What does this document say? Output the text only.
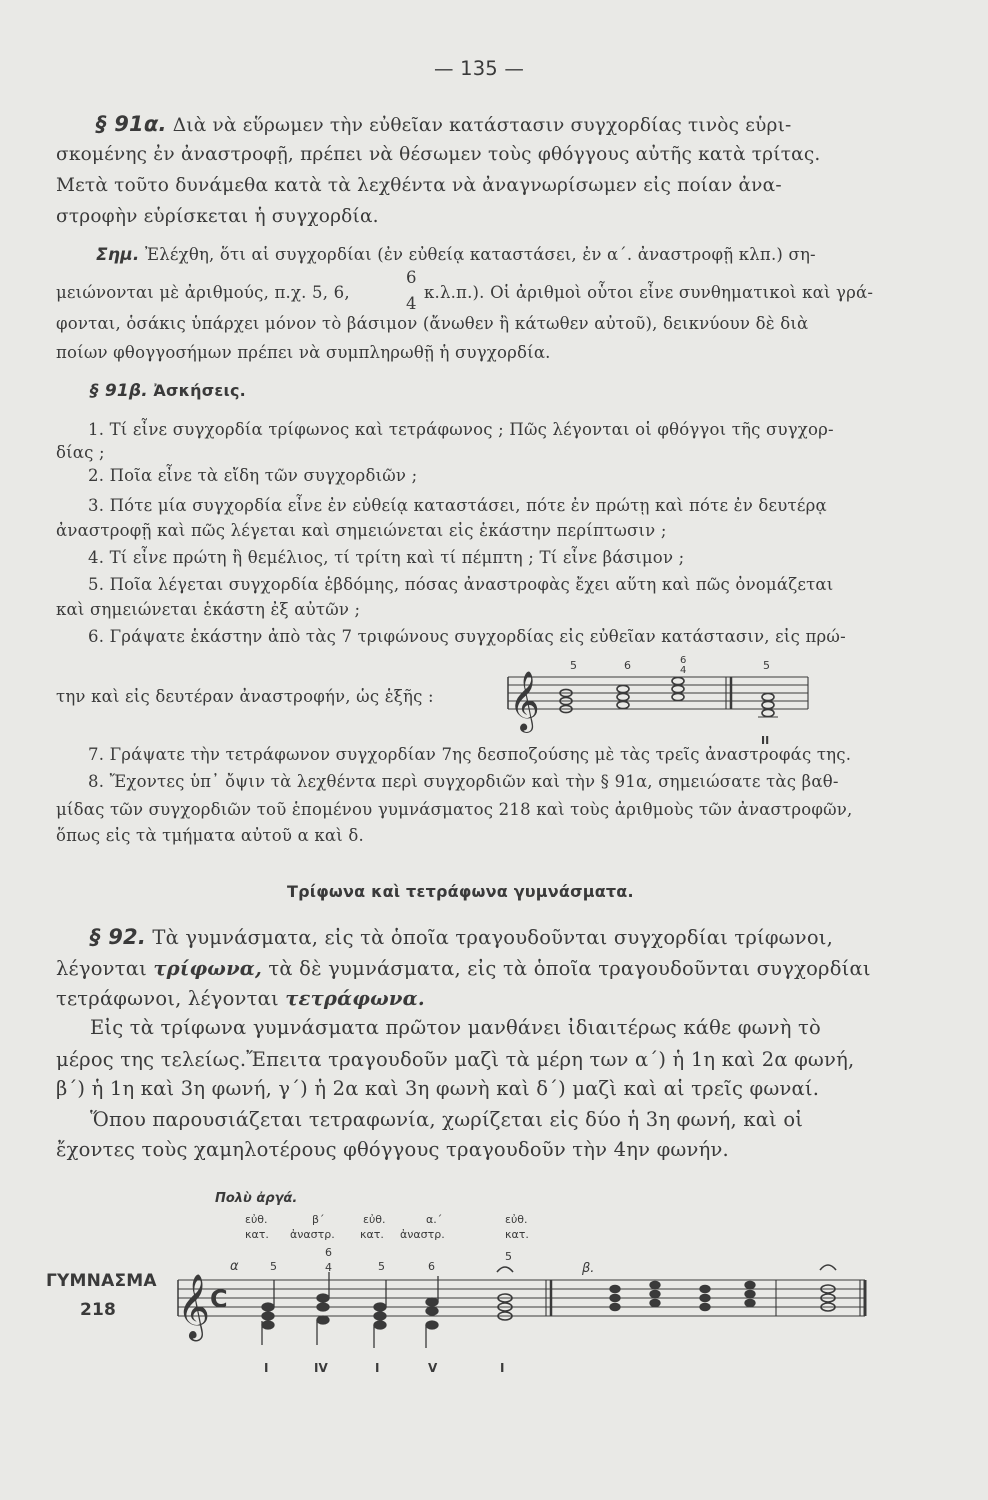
— 135 —
§ 91α. Διὰ νὰ εὕρωμεν τὴν εὐθεῖαν κατάστασιν συγχορδίας τινὸς εὑρι-
σκομένης ἐν ἀναστροφῇ, πρέπει νὰ θέσωμεν τοὺς φθόγγους αὐτῆς κατὰ τρίτας.
Μετὰ τοῦτο δυνάμεθα κατὰ τὰ λεχθέντα νὰ ἀναγνωρίσωμεν εἰς ποίαν ἀνα-
στροφὴν εὑρίσκεται ἡ συγχορδία.
Σημ. Ἐλέχθη, ὅτι αἱ συγχορδίαι (ἐν εὐθείᾳ καταστάσει, ἐν α΄. ἀναστροφῇ κλπ.) ση-
μειώνονται μὲ ἀριθμούς, π.χ. 5, 6,
6
4
κ.λ.π.). Οἱ ἀριθμοὶ οὗτοι εἶνε συνθηματικοὶ καὶ γρά-
φονται, ὁσάκις ὑπάρχει μόνον τὸ βάσιμον (ἄνωθεν ἢ κάτωθεν αὐτοῦ), δεικνύουν δὲ διὰ
ποίων φθογγοσήμων πρέπει νὰ συμπληρωθῇ ἡ συγχορδία.
§ 91β. Ἀσκήσεις.
1. Τί εἶνε συγχορδία τρίφωνος καὶ τετράφωνος ; Πῶς λέγονται οἱ φθόγγοι τῆς συγχορ-
δίας ;
2. Ποῖα εἶνε τὰ εἴδη τῶν συγχορδιῶν ;
3. Πότε μία συγχορδία εἶνε ἐν εὐθείᾳ καταστάσει, πότε ἐν πρώτῃ καὶ πότε ἐν δευτέρᾳ
ἀναστροφῇ καὶ πῶς λέγεται καὶ σημειώνεται εἰς ἑκάστην περίπτωσιν ;
4. Τί εἶνε πρώτη ἢ θεμέλιος, τί τρίτη καὶ τί πέμπτη ; Τί εἶνε βάσιμον ;
5. Ποῖα λέγεται συγχορδία ἑβδόμης, πόσας ἀναστροφὰς ἔχει αὕτη καὶ πῶς ὀνομάζεται
καὶ σημειώνεται ἑκάστη ἐξ αὐτῶν ;
6. Γράψατε ἑκάστην ἀπὸ τὰς 7 τριφώνους συγχορδίας εἰς εὐθεῖαν κατάστασιν, εἰς πρώ-
την καὶ εἰς δευτέραν ἀναστροφήν, ὡς ἑξῆς : 𝄞
5	6	6
4	5
II
7. Γράψατε τὴν τετράφωνον συγχορδίαν 7ης δεσποζούσης μὲ τὰς τρεῖς ἀναστροφάς της.
8. Ἔχοντες ὑπ᾿ ὄψιν τὰ λεχθέντα περὶ συγχορδιῶν καὶ τὴν § 91α, σημειώσατε τὰς βαθ-
μίδας τῶν συγχορδιῶν τοῦ ἑπομένου γυμνάσματος 218 καὶ τοὺς ἀριθμοὺς τῶν ἀναστροφῶν,
ὅπως εἰς τὰ τμήματα αὐτοῦ α καὶ δ.
Τρίφωνα καὶ τετράφωνα γυμνάσματα.
§ 92. Τὰ γυμνάσματα, εἰς τὰ ὁποῖα τραγουδοῦνται συγχορδίαι τρίφωνοι,
λέγονται τρίφωνα, τὰ δὲ γυμνάσματα, εἰς τὰ ὁποῖα τραγουδοῦνται συγχορδίαι
τετράφωνοι, λέγονται τετράφωνα.
Εἰς τὰ τρίφωνα γυμνάσματα πρῶτον μανθάνει ἰδιαιτέρως κάθε φωνὴ τὸ
μέρος της τελείως.Ἔπειτα τραγουδοῦν μαζὶ τὰ μέρη των α΄) ἡ 1η καὶ 2α φωνή,
β΄) ἡ 1η καὶ 3η φωνή, γ΄) ἡ 2α καὶ 3η φωνὴ καὶ δ΄) μαζὶ καὶ αἱ τρεῖς φωναί.
Ὅπου παρουσιάζεται τετραφωνία, χωρίζεται εἰς δύο ἡ 3η φωνή, καὶ οἱ
ἔχοντες τοὺς χαμηλοτέρους φθόγγους τραγουδοῦν τὴν 4ην φωνήν.
ΓΥΜΝΑΣΜΑ
218
Πολὺ ἀργά.
εὐθ.	β΄	εὐθ.	α.΄	εὐθ.
κατ. ἀναστρ. κατ. ἀναστρ.	κατ.
α	5
6
4	5	6
5
β.
𝄞 C
I	IV	I	V	I
